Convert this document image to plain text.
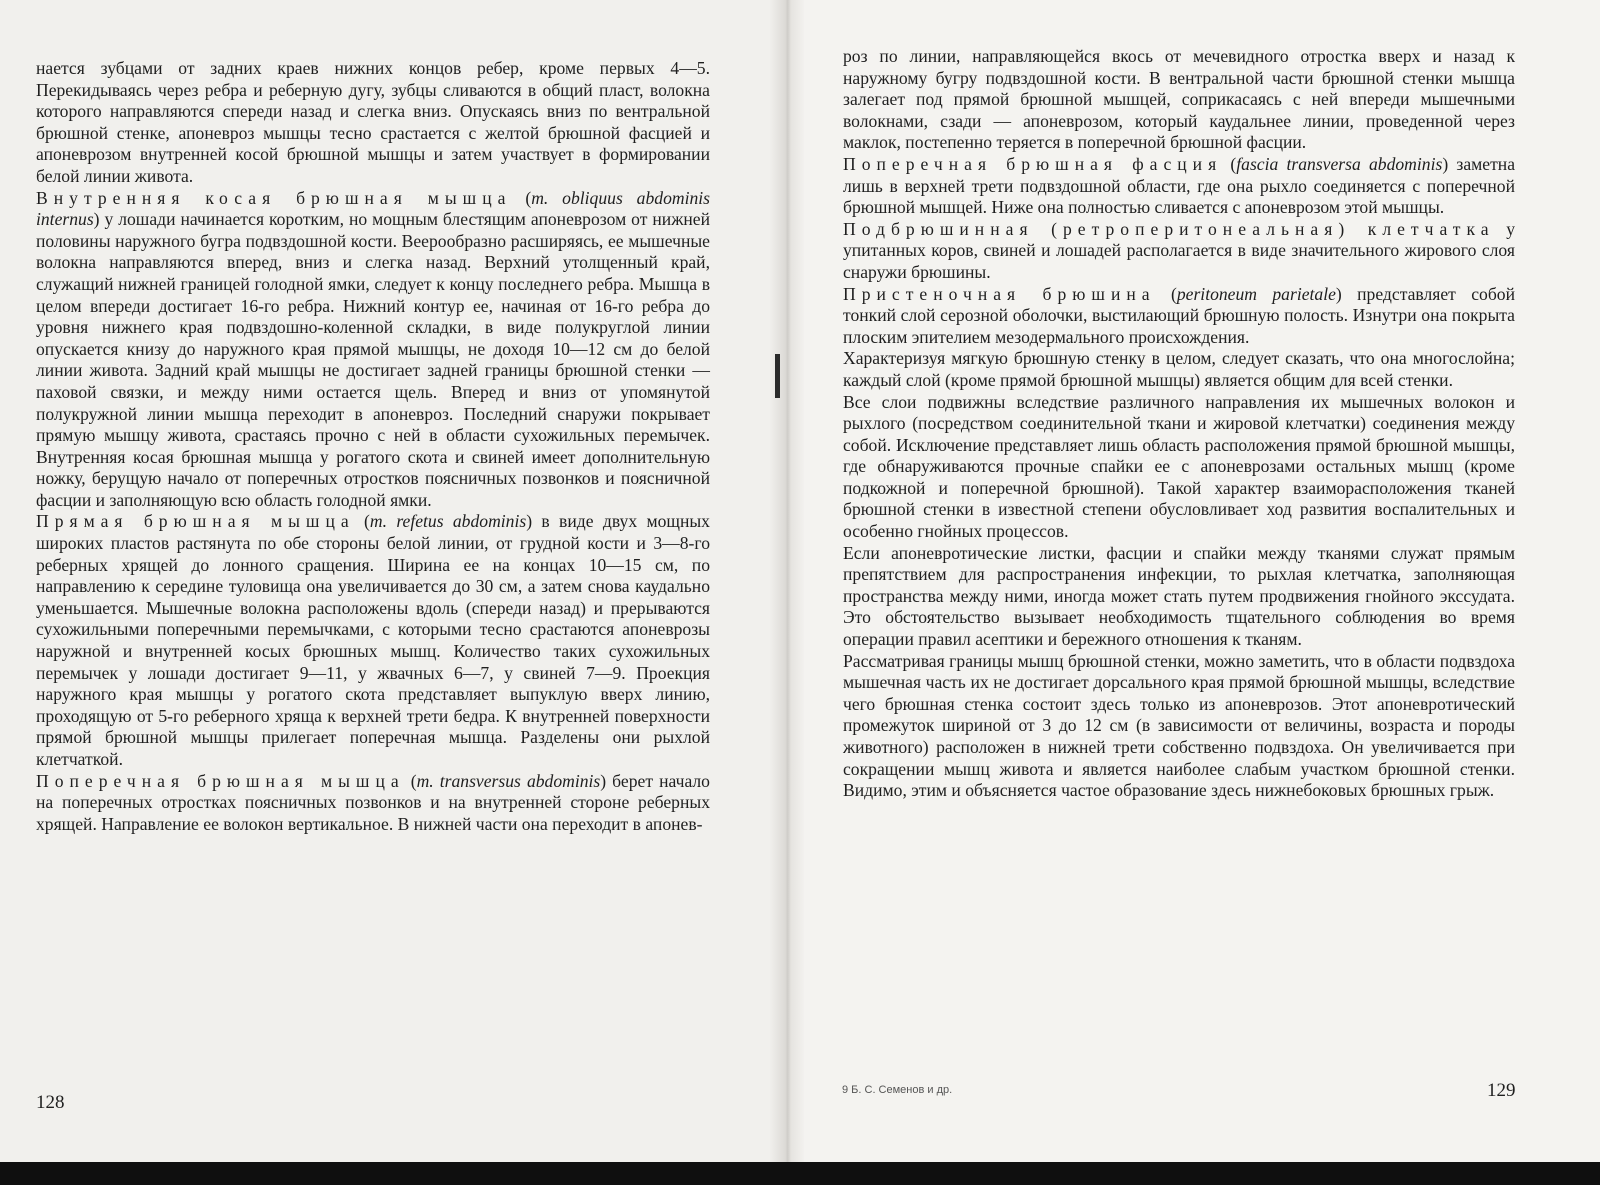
нается зубцами от задних краев нижних концов ребер, кроме первых 4—5. Перекидываясь через ребра и реберную дугу, зубцы сливаются в общий пласт, волокна которого направляются спереди назад и слегка вниз. Опускаясь вниз по вентральной брюшной стенке, апоневроз мышцы тесно срастается с желтой брюшной фасцией и апоневрозом внутренней косой брюшной мышцы и затем участвует в формировании белой линии живота.

Внутренняя косая брюшная мышца (m. obliquus abdominis internus) у лошади начинается коротким, но мощным блестящим апоневрозом от нижней половины наружного бугра подвздошной кости. Веерообразно расширяясь, ее мышечные волокна направляются вперед, вниз и слегка назад. Верхний утолщенный край, служащий нижней границей голодной ямки, следует к концу последнего ребра. Мышца в целом впереди достигает 16-го ребра. Нижний контур ее, начиная от 16-го ребра до уровня нижнего края подвздошно-коленной складки, в виде полукруглой линии опускается книзу до наружного края прямой мышцы, не доходя 10—12 см до белой линии живота. Задний край мышцы не достигает задней границы брюшной стенки — паховой связки, и между ними остается щель. Вперед и вниз от упомянутой полукружной линии мышца переходит в апоневроз. Последний снаружи покрывает прямую мышцу живота, срастаясь прочно с ней в области сухожильных перемычек. Внутренняя косая брюшная мышца у рогатого скота и свиней имеет дополнительную ножку, берущую начало от поперечных отростков поясничных позвонков и поясничной фасции и заполняющую всю область голодной ямки.

Прямая брюшная мышца (m. refetus abdominis) в виде двух мощных широких пластов растянута по обе стороны белой линии, от грудной кости и 3—8-го реберных хрящей до лонного сращения. Ширина ее на концах 10—15 см, по направлению к середине туловища она увеличивается до 30 см, а затем снова каудально уменьшается. Мышечные волокна расположены вдоль (спереди назад) и прерываются сухожильными поперечными перемычками, с которыми тесно срастаются апоневрозы наружной и внутренней косых брюшных мышц. Количество таких сухожильных перемычек у лошади достигает 9—11, у жвачных 6—7, у свиней 7—9. Проекция наружного края мышцы у рогатого скота представляет выпуклую вверх линию, проходящую от 5-го реберного хряща к верхней трети бедра. К внутренней поверхности прямой брюшной мышцы прилегает поперечная мышца. Разделены они рыхлой клетчаткой.

Поперечная брюшная мышца (m. transversus abdominis) берет начало на поперечных отростках поясничных позвонков и на внутренней стороне реберных хрящей. Направление ее волокон вертикальное. В нижней части она переходит в апонев-

128

роз по линии, направляющейся вкось от мечевидного отростка вверх и назад к наружному бугру подвздошной кости. В вентральной части брюшной стенки мышца залегает под прямой брюшной мышцей, соприкасаясь с ней впереди мышечными волокнами, сзади — апоневрозом, который каудальнее линии, проведенной через маклок, постепенно теряется в поперечной брюшной фасции.

Поперечная брюшная фасция (fascia transversa abdominis) заметна лишь в верхней трети подвздошной области, где она рыхло соединяется с поперечной брюшной мышцей. Ниже она полностью сливается с апоневрозом этой мышцы.

Подбрюшинная (ретроперитонеальная) клетчатка у упитанных коров, свиней и лошадей располагается в виде значительного жирового слоя снаружи брюшины.

Пристеночная брюшина (peritoneum parietale) представляет собой тонкий слой серозной оболочки, выстилающий брюшную полость. Изнутри она покрыта плоским эпителием мезодермального происхождения.

Характеризуя мягкую брюшную стенку в целом, следует сказать, что она многослойна; каждый слой (кроме прямой брюшной мышцы) является общим для всей стенки.

Все слои подвижны вследствие различного направления их мышечных волокон и рыхлого (посредством соединительной ткани и жировой клетчатки) соединения между собой. Исключение представляет лишь область расположения прямой брюшной мышцы, где обнаруживаются прочные спайки ее с апоневрозами остальных мышц (кроме подкожной и поперечной брюшной). Такой характер взаиморасположения тканей брюшной стенки в известной степени обусловливает ход развития воспалительных и особенно гнойных процессов.

Если апоневротические листки, фасции и спайки между тканями служат прямым препятствием для распространения инфекции, то рыхлая клетчатка, заполняющая пространства между ними, иногда может стать путем продвижения гнойного экссудата. Это обстоятельство вызывает необходимость тщательного соблюдения во время операции правил асептики и бережного отношения к тканям.

Рассматривая границы мышц брюшной стенки, можно заметить, что в области подвздоха мышечная часть их не достигает дорсального края прямой брюшной мышцы, вследствие чего брюшная стенка состоит здесь только из апоневрозов. Этот апоневротический промежуток шириной от 3 до 12 см (в зависимости от величины, возраста и породы животного) расположен в нижней трети собственно подвздоха. Он увеличивается при сокращении мышц живота и является наиболее слабым участком брюшной стенки. Видимо, этим и объясняется частое образование здесь нижнебоковых брюшных грыж.

9 Б. С. Семенов и др.	129
